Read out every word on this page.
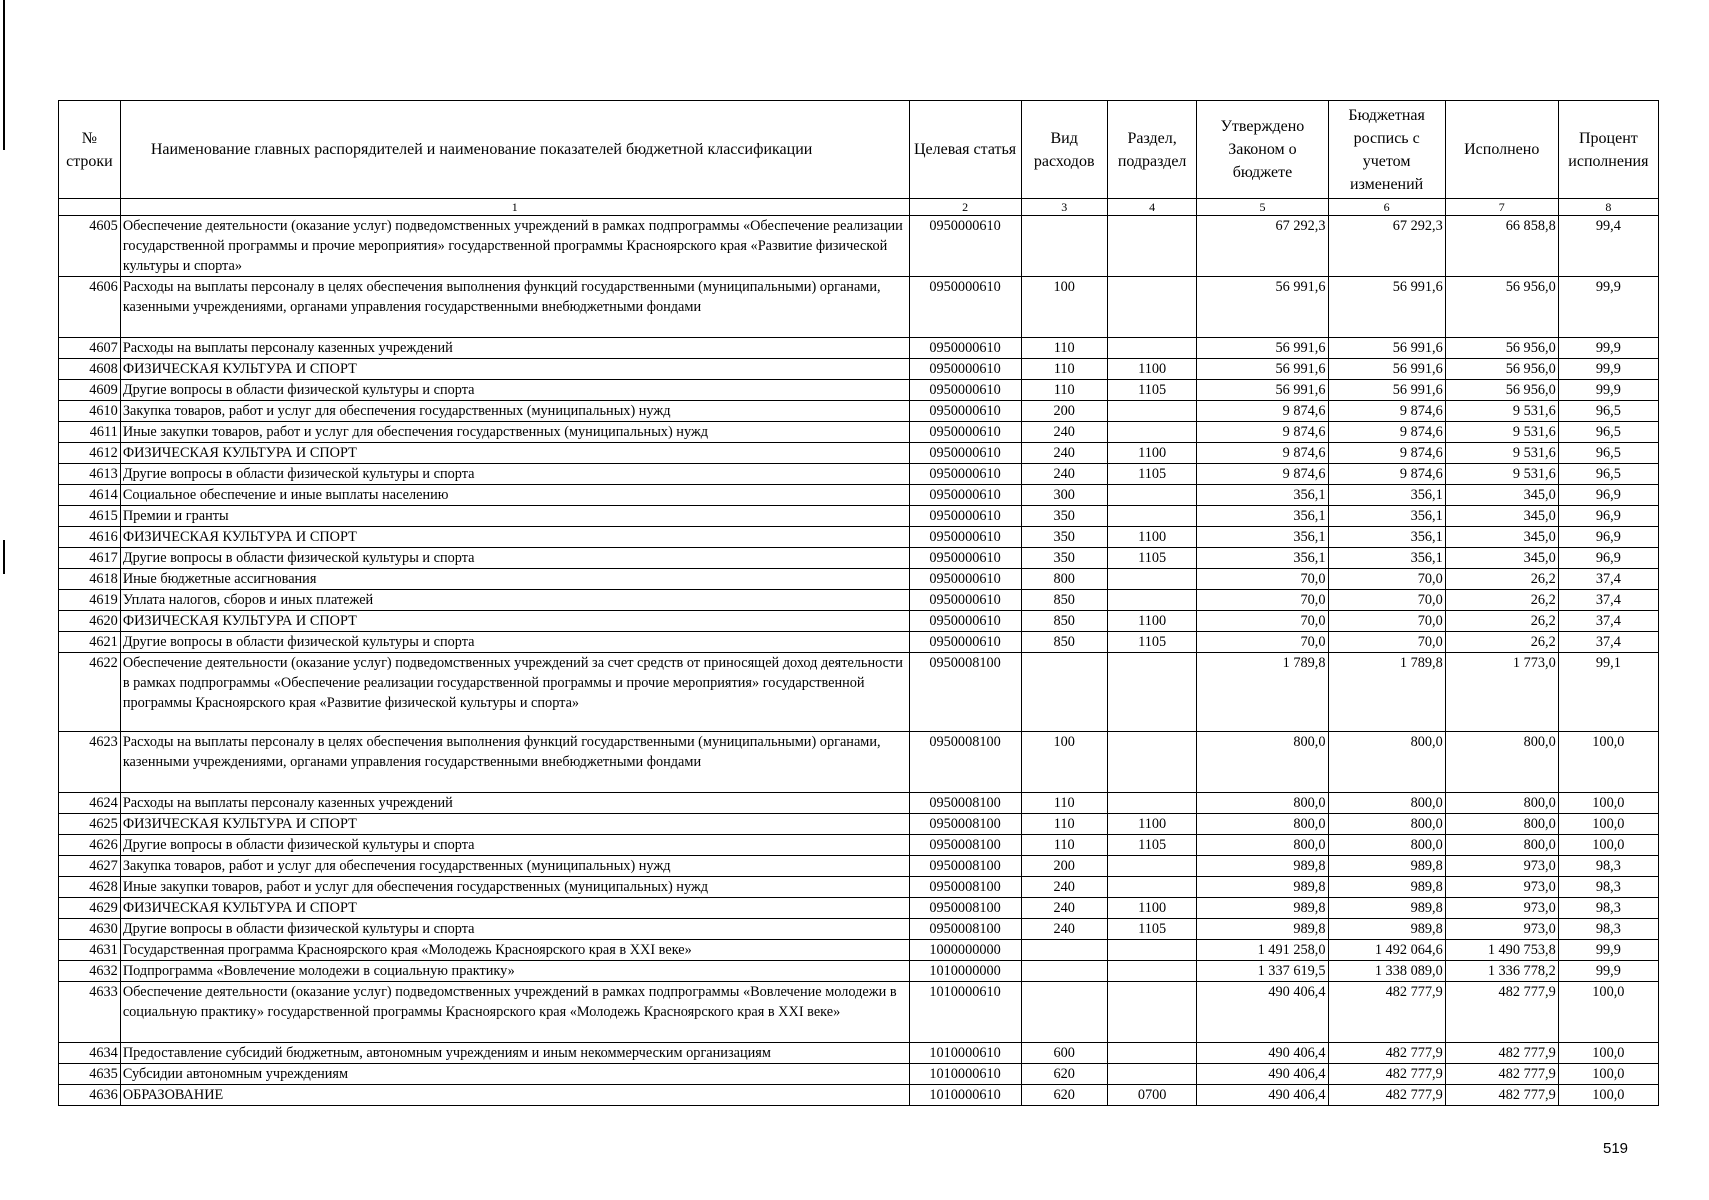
№ строки	Наименование главных распорядителей и наименование показателей бюджетной классификации	Целевая статья	Вид расходов	Раздел, подраздел	Утверждено Законом о бюджете	Бюджетная роспись с учетом изменений	Исполнено	Процент исполнения
	1	2	3	4	5	6	7	8
4605	Обеспечение деятельности (оказание услуг) подведомственных учреждений в рамках подпрограммы «Обеспечение реализации государственной программы и прочие мероприятия» государственной программы Красноярского края «Развитие физической культуры и спорта»	0950000610			67 292,3	67 292,3	66 858,8	99,4
4606	Расходы на выплаты персоналу в целях обеспечения выполнения функций государственными (муниципальными) органами, казенными учреждениями, органами управления государственными внебюджетными фондами	0950000610	100		56 991,6	56 991,6	56 956,0	99,9
4607	Расходы на выплаты персоналу казенных учреждений	0950000610	110		56 991,6	56 991,6	56 956,0	99,9
4608	ФИЗИЧЕСКАЯ КУЛЬТУРА И СПОРТ	0950000610	110	1100	56 991,6	56 991,6	56 956,0	99,9
4609	Другие вопросы в области физической культуры и спорта	0950000610	110	1105	56 991,6	56 991,6	56 956,0	99,9
4610	Закупка товаров, работ и услуг для обеспечения государственных (муниципальных) нужд	0950000610	200		9 874,6	9 874,6	9 531,6	96,5
4611	Иные закупки товаров, работ и услуг для обеспечения государственных (муниципальных) нужд	0950000610	240		9 874,6	9 874,6	9 531,6	96,5
4612	ФИЗИЧЕСКАЯ КУЛЬТУРА И СПОРТ	0950000610	240	1100	9 874,6	9 874,6	9 531,6	96,5
4613	Другие вопросы в области физической культуры и спорта	0950000610	240	1105	9 874,6	9 874,6	9 531,6	96,5
4614	Социальное обеспечение и иные выплаты населению	0950000610	300		356,1	356,1	345,0	96,9
4615	Премии и гранты	0950000610	350		356,1	356,1	345,0	96,9
4616	ФИЗИЧЕСКАЯ КУЛЬТУРА И СПОРТ	0950000610	350	1100	356,1	356,1	345,0	96,9
4617	Другие вопросы в области физической культуры и спорта	0950000610	350	1105	356,1	356,1	345,0	96,9
4618	Иные бюджетные ассигнования	0950000610	800		70,0	70,0	26,2	37,4
4619	Уплата налогов, сборов и иных платежей	0950000610	850		70,0	70,0	26,2	37,4
4620	ФИЗИЧЕСКАЯ КУЛЬТУРА И СПОРТ	0950000610	850	1100	70,0	70,0	26,2	37,4
4621	Другие вопросы в области физической культуры и спорта	0950000610	850	1105	70,0	70,0	26,2	37,4
4622	Обеспечение деятельности (оказание услуг) подведомственных учреждений за счет средств от приносящей доход деятельности в рамках подпрограммы «Обеспечение реализации государственной программы и прочие мероприятия» государственной программы Красноярского края «Развитие физической культуры и спорта»	0950008100			1 789,8	1 789,8	1 773,0	99,1
4623	Расходы на выплаты персоналу в целях обеспечения выполнения функций государственными (муниципальными) органами, казенными учреждениями, органами управления государственными внебюджетными фондами	0950008100	100		800,0	800,0	800,0	100,0
4624	Расходы на выплаты персоналу казенных учреждений	0950008100	110		800,0	800,0	800,0	100,0
4625	ФИЗИЧЕСКАЯ КУЛЬТУРА И СПОРТ	0950008100	110	1100	800,0	800,0	800,0	100,0
4626	Другие вопросы в области физической культуры и спорта	0950008100	110	1105	800,0	800,0	800,0	100,0
4627	Закупка товаров, работ и услуг для обеспечения государственных (муниципальных) нужд	0950008100	200		989,8	989,8	973,0	98,3
4628	Иные закупки товаров, работ и услуг для обеспечения государственных (муниципальных) нужд	0950008100	240		989,8	989,8	973,0	98,3
4629	ФИЗИЧЕСКАЯ КУЛЬТУРА И СПОРТ	0950008100	240	1100	989,8	989,8	973,0	98,3
4630	Другие вопросы в области физической культуры и спорта	0950008100	240	1105	989,8	989,8	973,0	98,3
4631	Государственная программа Красноярского края «Молодежь Красноярского края в XXI веке»	1000000000			1 491 258,0	1 492 064,6	1 490 753,8	99,9
4632	Подпрограмма «Вовлечение молодежи в социальную практику»	1010000000			1 337 619,5	1 338 089,0	1 336 778,2	99,9
4633	Обеспечение деятельности (оказание услуг) подведомственных учреждений в рамках подпрограммы «Вовлечение молодежи в социальную практику» государственной программы Красноярского края «Молодежь Красноярского края в XXI веке»	1010000610			490 406,4	482 777,9	482 777,9	100,0
4634	Предоставление субсидий бюджетным, автономным учреждениям и иным некоммерческим организациям	1010000610	600		490 406,4	482 777,9	482 777,9	100,0
4635	Субсидии автономным учреждениям	1010000610	620		490 406,4	482 777,9	482 777,9	100,0
4636	ОБРАЗОВАНИЕ	1010000610	620	0700	490 406,4	482 777,9	482 777,9	100,0
519
